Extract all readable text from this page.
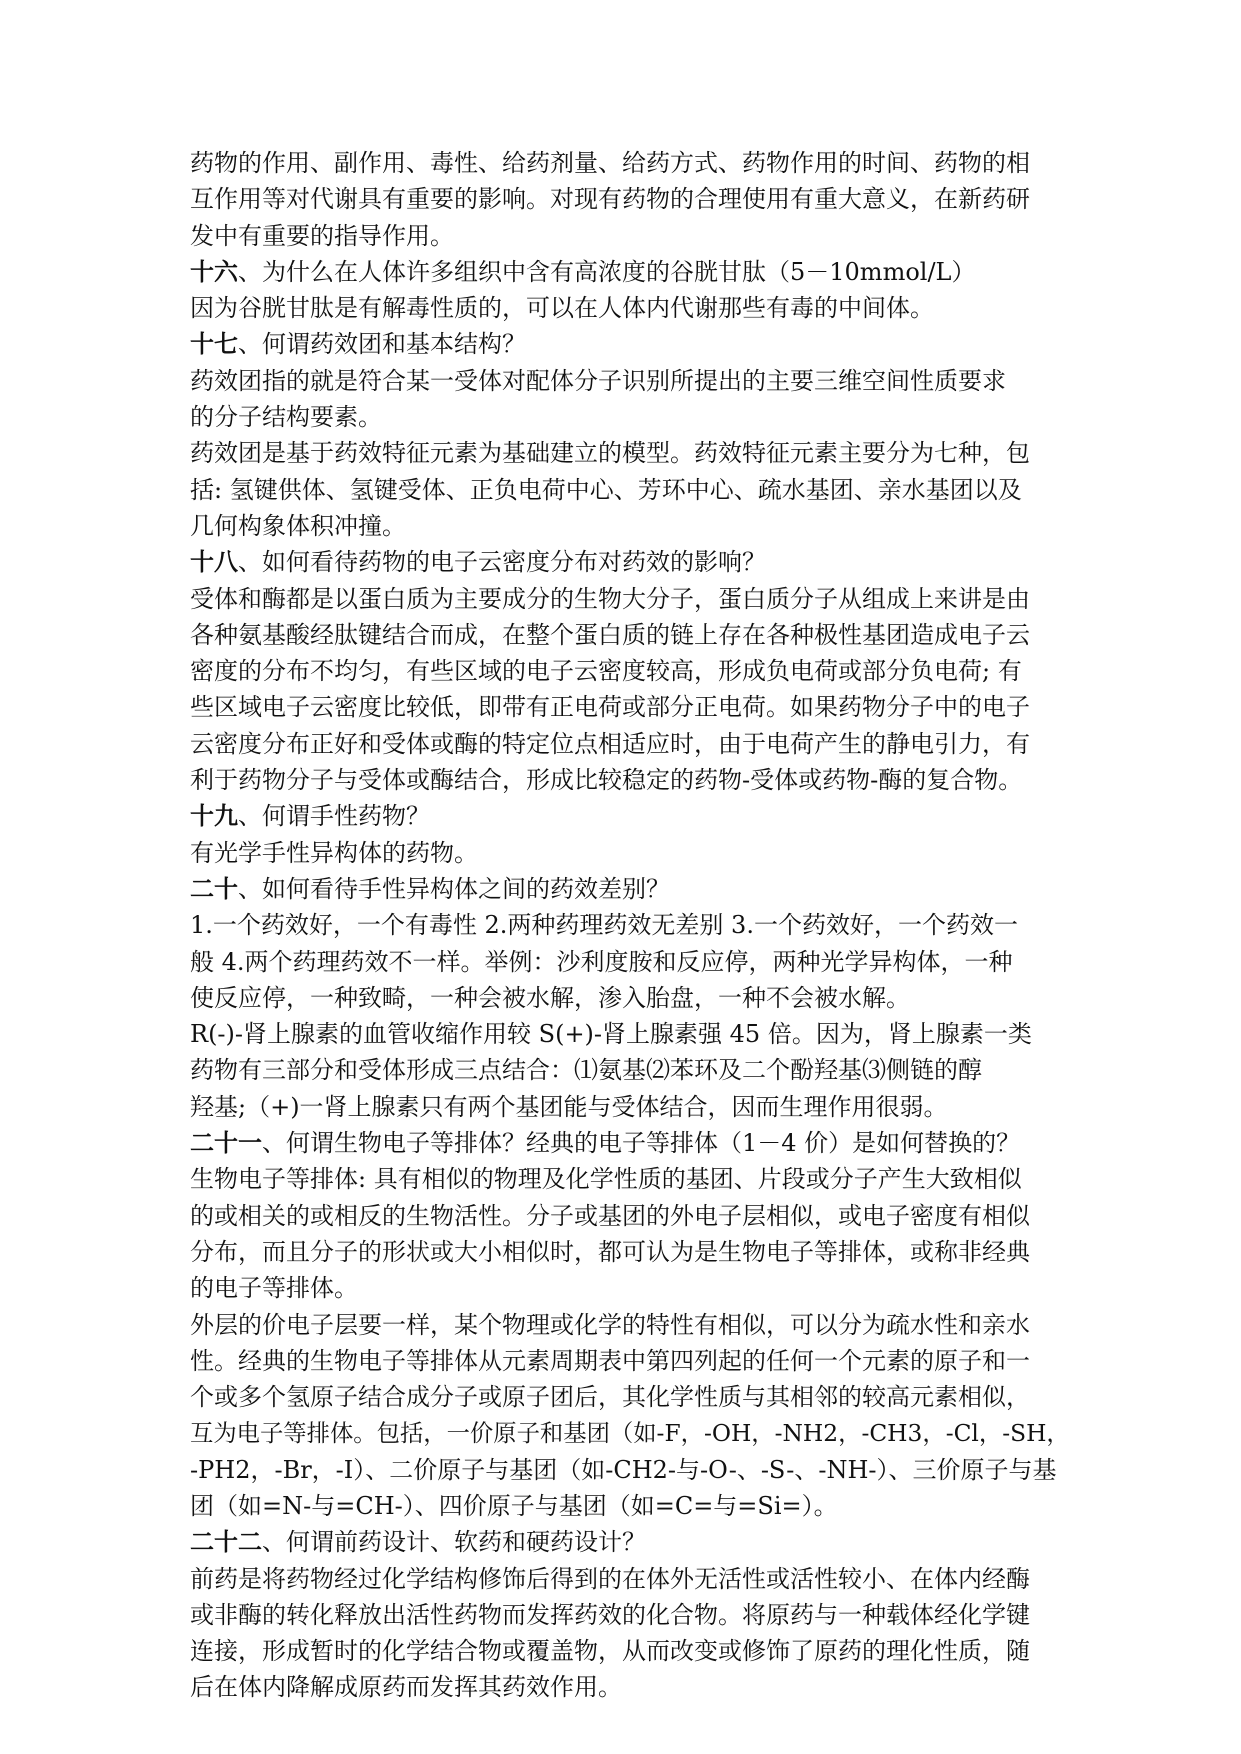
药物的作用、副作用、毒性、给药剂量、给药方式、药物作用的时间、药物的相
互作用等对代谢具有重要的影响。对现有药物的合理使用有重大意义，在新药研
发中有重要的指导作用。
十六、为什么在人体许多组织中含有高浓度的谷胱甘肽（5－10mmol/L）
因为谷胱甘肽是有解毒性质的，可以在人体内代谢那些有毒的中间体。
十七、何谓药效团和基本结构？
药效团指的就是符合某一受体对配体分子识别所提出的主要三维空间性质要求
的分子结构要素。
药效团是基于药效特征元素为基础建立的模型。药效特征元素主要分为七种，包
括: 氢键供体、氢键受体、正负电荷中心、芳环中心、疏水基团、亲水基团以及
几何构象体积冲撞。
十八、如何看待药物的电子云密度分布对药效的影响？
受体和酶都是以蛋白质为主要成分的生物大分子，蛋白质分子从组成上来讲是由
各种氨基酸经肽键结合而成，在整个蛋白质的链上存在各种极性基团造成电子云
密度的分布不均匀，有些区域的电子云密度较高，形成负电荷或部分负电荷; 有
些区域电子云密度比较低，即带有正电荷或部分正电荷。如果药物分子中的电子
云密度分布正好和受体或酶的特定位点相适应时，由于电荷产生的静电引力，有
利于药物分子与受体或酶结合，形成比较稳定的药物-受体或药物-酶的复合物。
十九、何谓手性药物？
有光学手性异构体的药物。
二十、如何看待手性异构体之间的药效差别？
1.一个药效好，一个有毒性 2.两种药理药效无差别 3.一个药效好，一个药效一
般 4.两个药理药效不一样。举例：沙利度胺和反应停，两种光学异构体，一种
使反应停，一种致畸，一种会被水解，渗入胎盘，一种不会被水解。
R(-)-肾上腺素的血管收缩作用较 S(+)-肾上腺素强 45 倍。因为，肾上腺素一类
药物有三部分和受体形成三点结合：⑴氨基⑵苯环及二个酚羟基⑶侧链的醇
羟基;（+)一肾上腺素只有两个基团能与受体结合，因而生理作用很弱。
二十一、何谓生物电子等排体？经典的电子等排体（1－4 价）是如何替换的？
生物电子等排体: 具有相似的物理及化学性质的基团、片段或分子产生大致相似
的或相关的或相反的生物活性。分子或基团的外电子层相似，或电子密度有相似
分布，而且分子的形状或大小相似时，都可认为是生物电子等排体，或称非经典
的电子等排体。
外层的价电子层要一样，某个物理或化学的特性有相似，可以分为疏水性和亲水
性。经典的生物电子等排体从元素周期表中第四列起的任何一个元素的原子和一
个或多个氢原子结合成分子或原子团后，其化学性质与其相邻的较高元素相似，
互为电子等排体。包括，一价原子和基团（如-F，-OH，-NH2，-CH3，-Cl，-SH，
-PH2，-Br，-I）、二价原子与基团（如-CH2-与-O-、-S-、-NH-）、三价原子与基
团（如=N-与=CH-）、四价原子与基团（如=C=与=Si=）。
二十二、何谓前药设计、软药和硬药设计？
前药是将药物经过化学结构修饰后得到的在体外无活性或活性较小、在体内经酶
或非酶的转化释放出活性药物而发挥药效的化合物。将原药与一种载体经化学键
连接，形成暂时的化学结合物或覆盖物，从而改变或修饰了原药的理化性质，随
后在体内降解成原药而发挥其药效作用。
